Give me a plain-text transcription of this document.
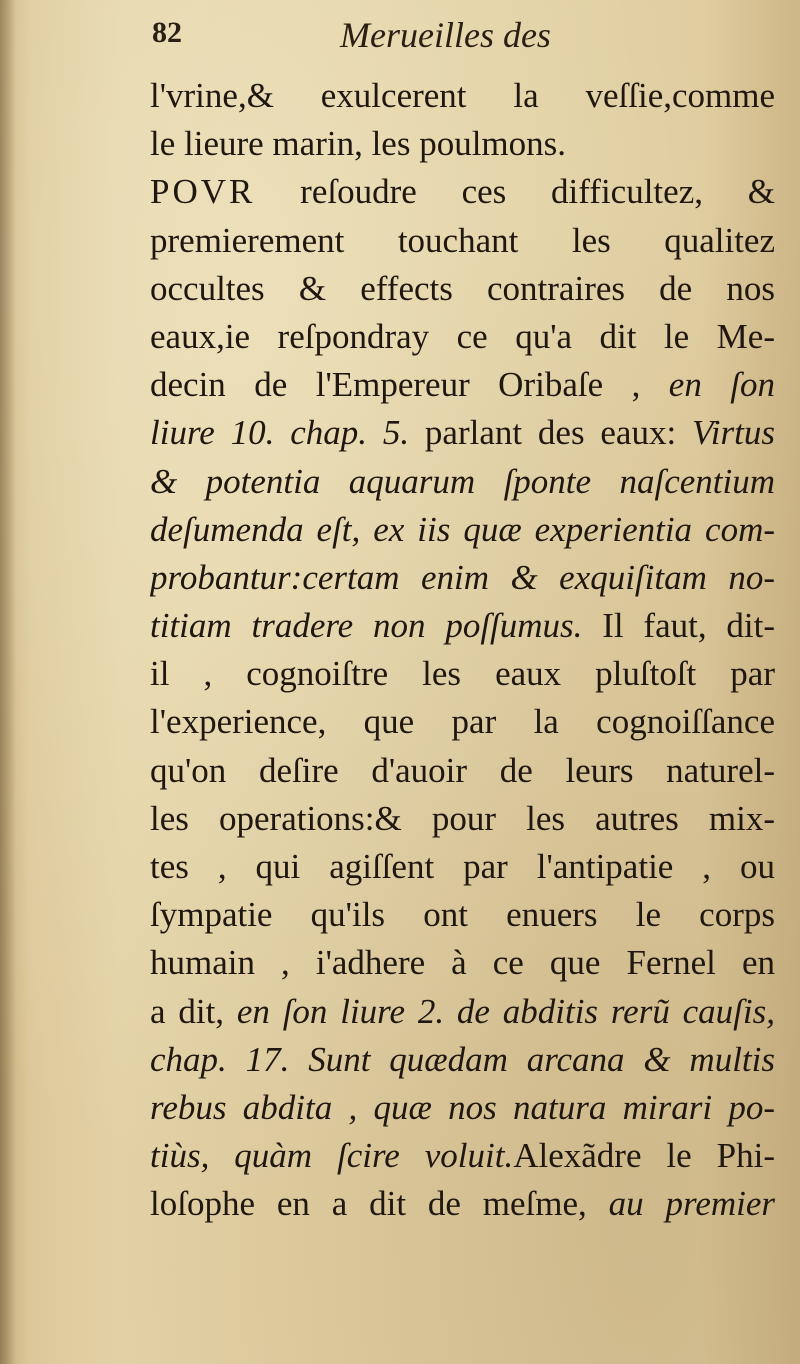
82	Merueilles des
l'vrine,& exulcerent la veſſie,comme
le lieure marin, les poulmons.
POVR reſoudre ces difficultez, &
premierement touchant les qualitez
occultes & effects contraires de nos
eaux,ie reſpondray ce qu'a dit le Me-
decin de l'Empereur Oribaſe , en ſon
liure 10. chap. 5. parlant des eaux: Virtus
& potentia aquarum ſponte naſcentium
deſumenda eſt, ex iis quæ experientia com-
probantur:certam enim & exquiſitam no-
titiam tradere non poſſumus. Il faut, dit-
il , cognoiſtre les eaux pluſtoſt par
l'experience, que par la cognoiſſance
qu'on deſire d'auoir de leurs naturel-
les operations:& pour les autres mix-
tes , qui agiſſent par l'antipatie , ou
ſympatie qu'ils ont enuers le corps
humain , i'adhere à ce que Fernel en
a dit, en ſon liure 2. de abditis rerũ cauſis,
chap. 17. Sunt quædam arcana & multis
rebus abdita , quæ nos natura mirari po-
tiùs, quàm ſcire voluit.Alexãdre le Phi-
loſophe en a dit de meſme, au premier
